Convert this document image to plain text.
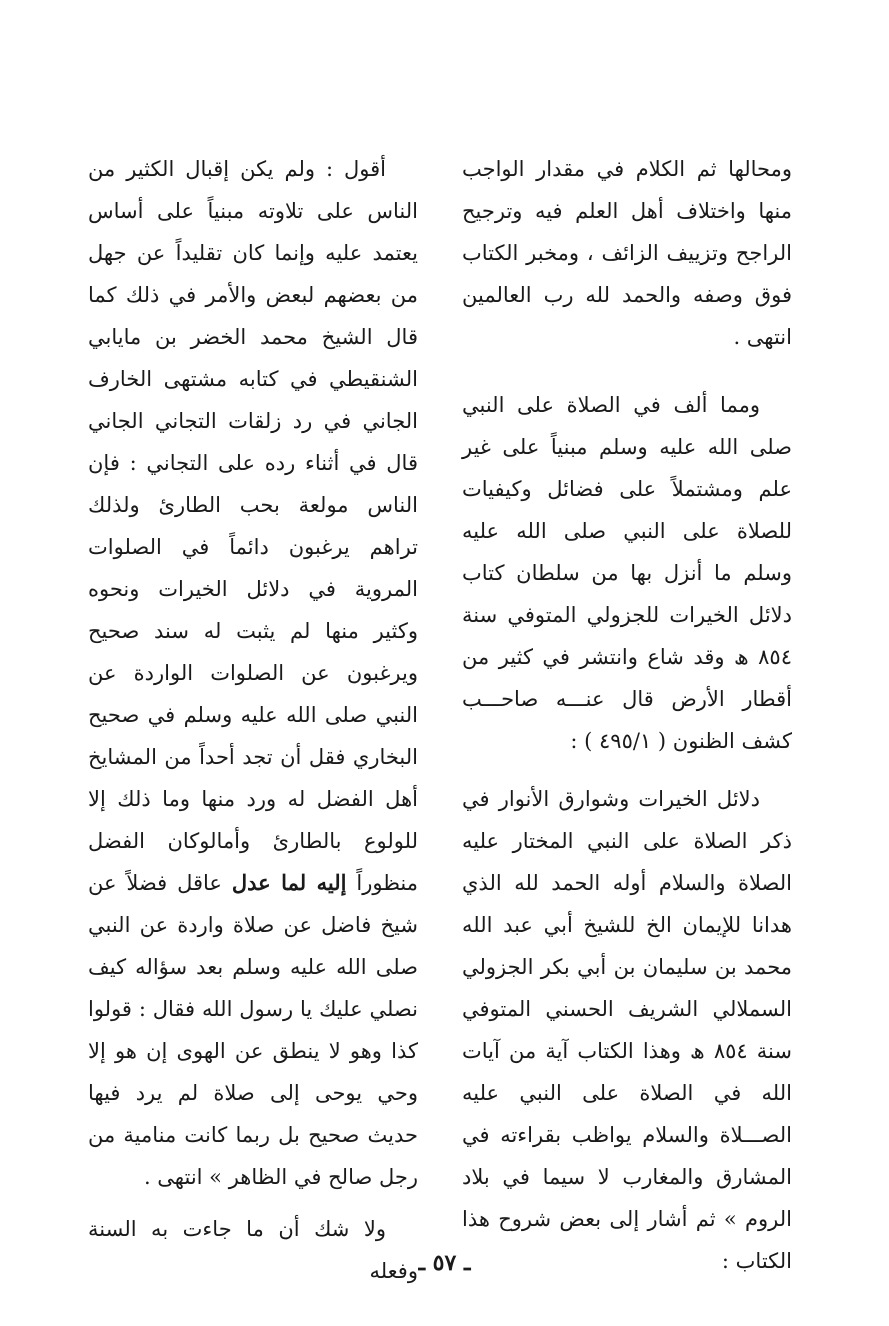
ومحالها ثم الكلام في مقدار الواجب منها واختلاف أهل العلم فيه وترجيح الراجح وتزييف الزائف ، ومخبر الكتاب فوق وصفه والحمد لله رب العالمين انتهى .

ومما ألف في الصلاة على النبي صلى الله عليه وسلم مبنياً على غير علم ومشتملاً على فضائل وكيفيات للصلاة على النبي صلى الله عليه وسلم ما أنزل بها من سلطان كتاب دلائل الخيرات للجزولي المتوفي سنة ٨٥٤ ھ وقد شاع وانتشر في كثير من أقطار الأرض قال عنـــه صاحـــب كشف الظنون ( ٤٩٥/١ ) :

دلائل الخيرات وشوارق الأنوار في ذكر الصلاة على النبي المختار عليه الصلاة والسلام أوله الحمد لله الذي هدانا للإيمان الخ للشيخ أبي عبد الله محمد بن سليمان بن أبي بكر الجزولي السملالي الشريف الحسني المتوفي سنة ٨٥٤ ھ وهذا الكتاب آية من آيات الله في الصلاة على النبي عليه الصـــلاة والسلام يواظب بقراءته في المشارق والمغارب لا سيما في بلاد الروم » ثم أشار إلى بعض شروح هذا الكتاب :

أقول : ولم يكن إقبال الكثير من الناس على تلاوته مبنياً على أساس يعتمد عليه وإنما كان تقليداً عن جهل من بعضهم لبعض والأمر في ذلك كما قال الشيخ محمد الخضر بن مايابي الشنقيطي في كتابه مشتهى الخارف الجاني في رد زلقات التجاني الجاني قال في أثناء رده على التجاني : فإن الناس مولعة بحب الطارئ ولذلك تراهم يرغبون دائماً في الصلوات المروية في دلائل الخيرات ونحوه وكثير منها لم يثبت له سند صحيح ويرغبون عن الصلوات الواردة عن النبي صلى الله عليه وسلم في صحيح البخاري فقل أن تجد أحداً من المشايخ أهل الفضل له ورد منها وما ذلك إلا للولوع بالطارئ وأمالوكان الفضل منظوراً إليه لما عدل عاقل فضلاً عن شيخ فاضل عن صلاة واردة عن النبي صلى الله عليه وسلم بعد سؤاله كيف نصلي عليك يا رسول الله فقال : قولوا كذا وهو لا ينطق عن الهوى إن هو إلا وحي يوحى إلى صلاة لم يرد فيها حديث صحيح بل ربما كانت منامية من رجل صالح في الظاهر » انتهى .

ولا شك أن ما جاءت به السنة وفعله ـ ٥٧ ـ
